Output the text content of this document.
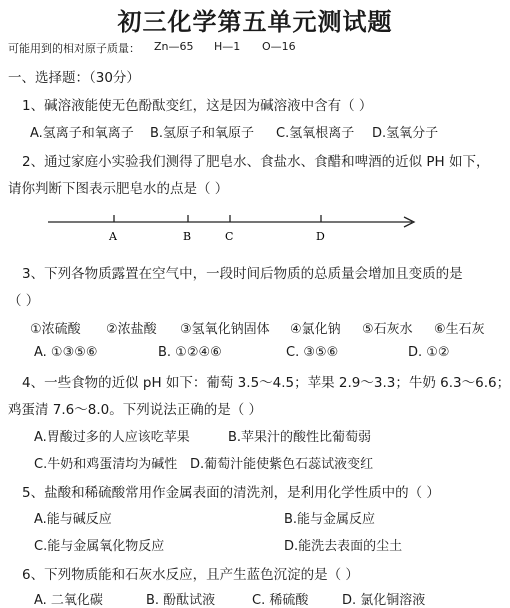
初三化学第五单元测试题
可能用到的相对原子质量： Zn—65 H—1 O—16
一、选择题：（30分）
1、碱溶液能使无色酚酞变红，这是因为碱溶液中含有（ ）
A.氢离子和氧离子 B.氢原子和氧原子 C.氢氧根离子 D.氢氧分子
2、通过家庭小实验我们测得了肥皂水、食盐水、食醋和啤酒的近似 PH 如下，
请你判断下图表示肥皂水的点是（ ）
A	B	C	D
3、下列各物质露置在空气中，一段时间后物质的总质量会增加且变质的是
（ ）
①浓硫酸 ②浓盐酸 ③氢氧化钠固体 ④氯化钠 ⑤石灰水 ⑥生石灰
A. ①③⑤⑥	B. ①②④⑥	C. ③⑤⑥	D. ①②
4、一些食物的近似 pH 如下：葡萄 3.5～4.5；苹果 2.9～3.3；牛奶 6.3～6.6；
鸡蛋清 7.6～8.0。下列说法正确的是（ ）
A.胃酸过多的人应该吃苹果	B.苹果汁的酸性比葡萄弱
C.牛奶和鸡蛋清均为碱性 D.葡萄汁能使紫色石蕊试液变红
5、盐酸和稀硫酸常用作金属表面的清洗剂，是利用化学性质中的（ ）
A.能与碱反应	B.能与金属反应
C.能与金属氧化物反应	D.能洗去表面的尘土
6、下列物质能和石灰水反应，且产生蓝色沉淀的是（ ）
A. 二氧化碳	B. 酚酞试液	C. 稀硫酸	D. 氯化铜溶液
